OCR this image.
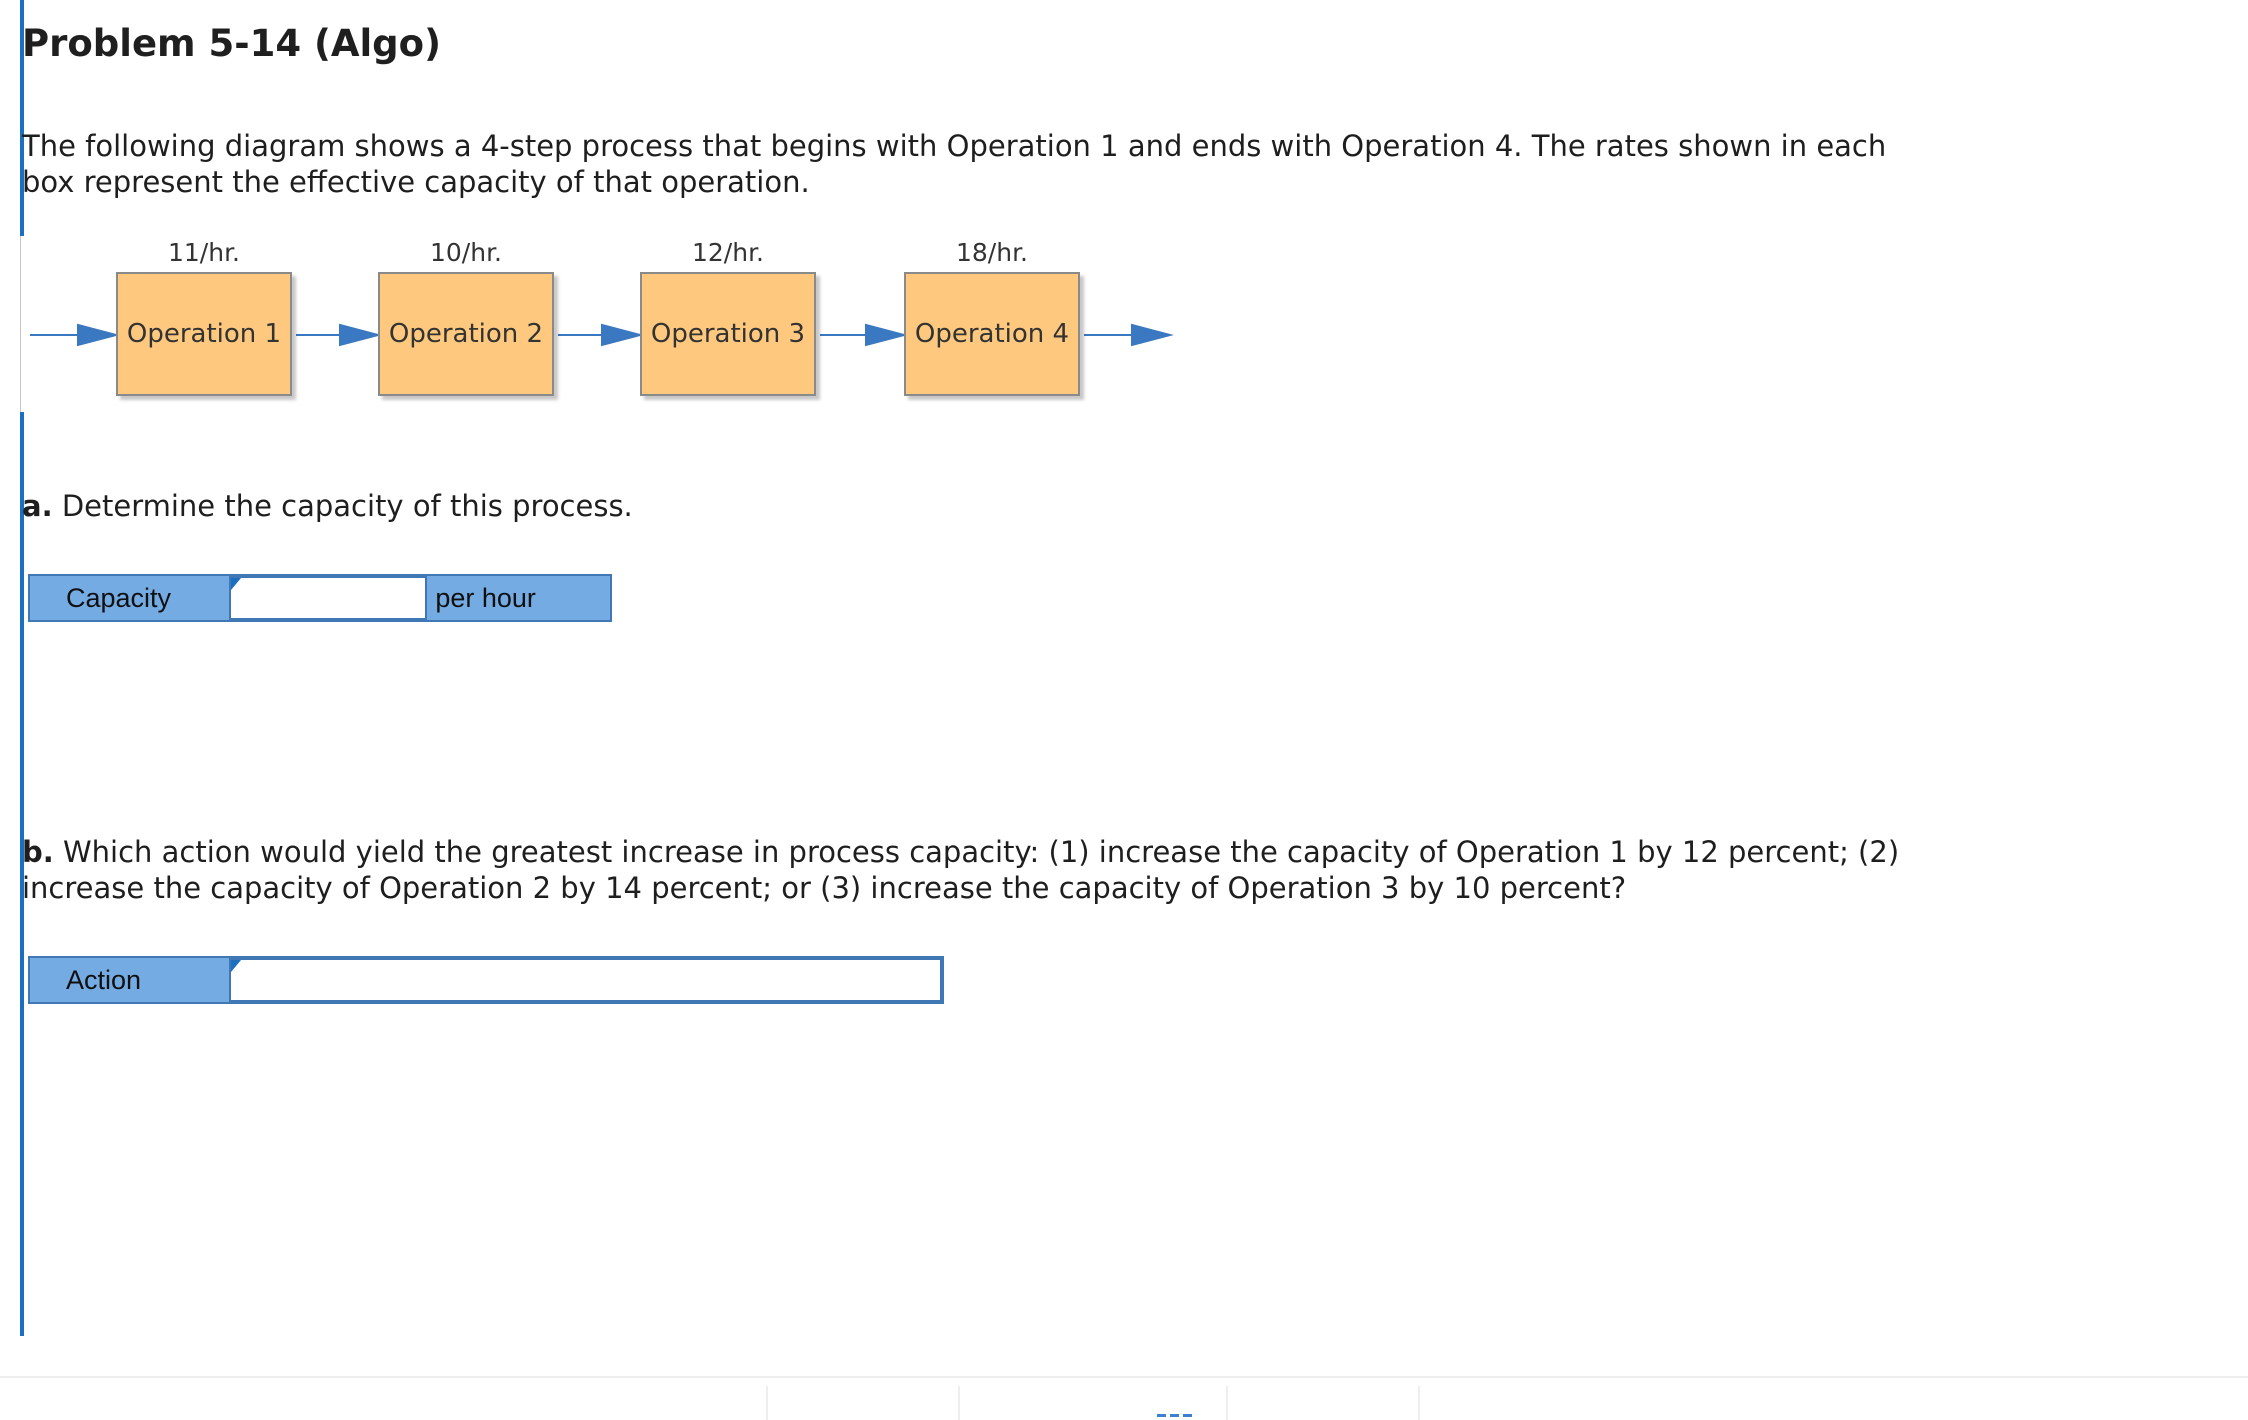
Problem 5-14 (Algo)
The following diagram shows a 4-step process that begins with Operation 1 and ends with Operation 4. The rates shown in each box represent the effective capacity of that operation.
11/hr.
Operation 1
10/hr.
Operation 2
12/hr.
Operation 3
18/hr.
Operation 4
a. Determine the capacity of this process.
Capacity	per hour
b. Which action would yield the greatest increase in process capacity: (1) increase the capacity of Operation 1 by 12 percent; (2) increase the capacity of Operation 2 by 14 percent; or (3) increase the capacity of Operation 3 by 10 percent?
Action
